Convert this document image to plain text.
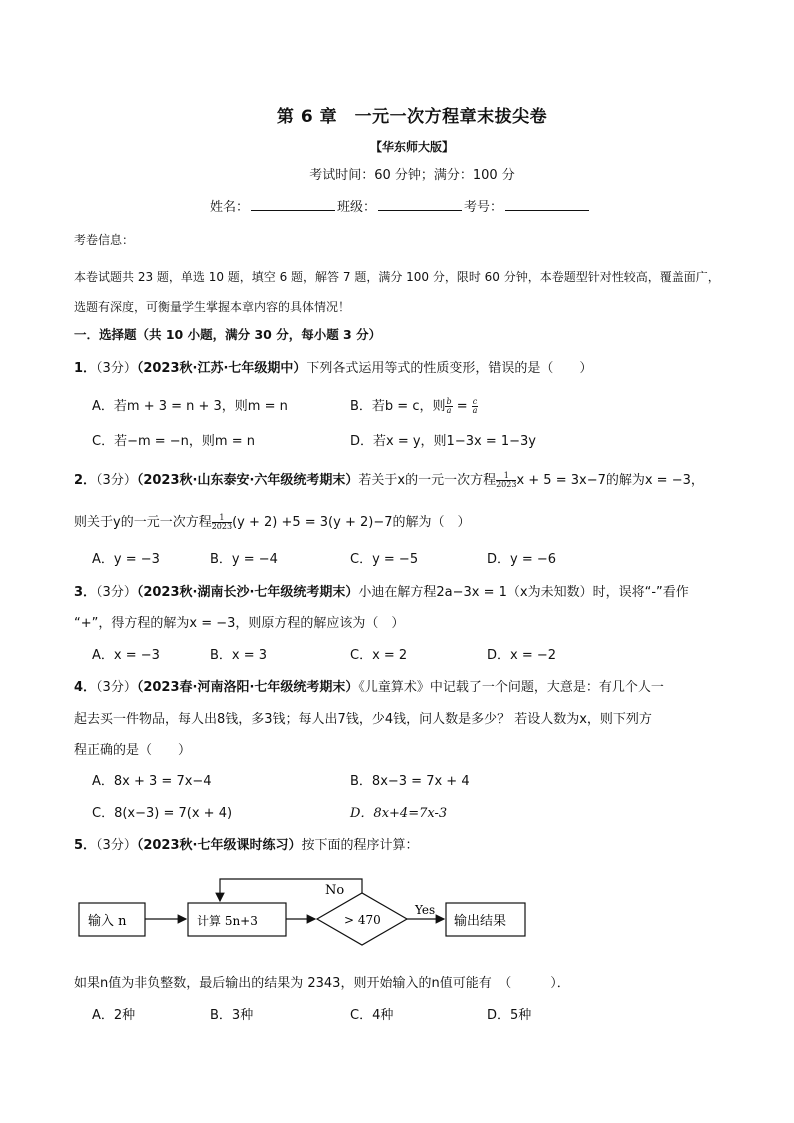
第 6 章　一元一次方程章末拔尖卷
【华东师大版】
考试时间：60 分钟；满分：100 分
姓名：	班级：	考号：
考卷信息：
本卷试题共 23 题，单选 10 题，填空 6 题，解答 7 题，满分 100 分，限时 60 分钟，本卷题型针对性较高，覆盖面广，选题有深度，可衡量学生掌握本章内容的具体情况！
一．选择题（共 10 小题，满分 30 分，每小题 3 分）
1．（3分）（2023秋·江苏·七年级期中）下列各式运用等式的性质变形，错误的是（　　）
A．若m + 3 = n + 3，则m = n	B．若b = c，则 $\frac{b}{a} = \frac{c}{a}$
C．若−m = −n，则m = n	D．若x = y，则1−3x = 1−3y
2．（3分）（2023秋·山东泰安·六年级统考期末）若关于x的一元一次方程 $\frac{1}{2023}$ x + 5 = 3x−7的解为x = −3，
则关于y的一元一次方程 $\frac{1}{2023} (y + 2) +5 = 3(y + 2)-7$的解为（　）
A．y = −3	B．y = −4	C．y = −5	D．y = −6
3．（3分）（2023秋·湖南长沙·七年级统考期末）小迪在解方程2a−3x = 1（x为未知数）时，误将“-”看作
“+”，得方程的解为x = −3，则原方程的解应该为（　）
A．x = −3	B．x = 3	C．x = 2	D．x = −2
4．（3分）（2023春·河南洛阳·七年级统考期末）《儿童算术》中记载了一个问题，大意是：有几个人一
起去买一件物品，每人出8钱，多3钱；每人出7钱，少4钱，问人数是多少？ 若设人数为x，则下列方
程正确的是（　　）
A．8x + 3 = 7x−4	B．8x−3 = 7x + 4
C．8(x−3) = 7(x + 4)	D．8x+4=7x-3
5．（3分）（2023秋·七年级课时练习）按下面的程序计算：
输入 n	计算 5n+3	> 470
No
Yes
输出结果
如果n值为非负整数，最后输出的结果为 2343，则开始输入的n值可能有　（　　　）．
A．2种	B．3种	C．4种	D．5种
